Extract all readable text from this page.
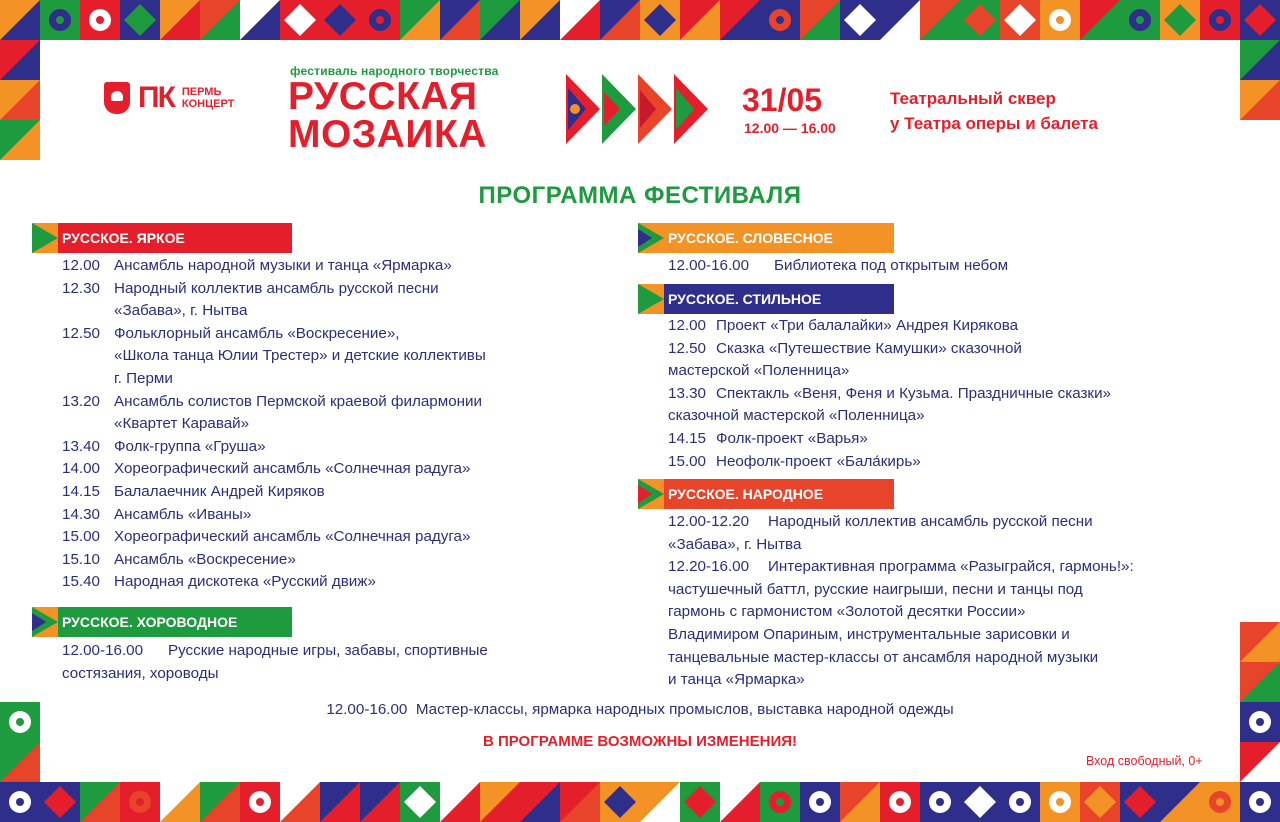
ПК ПЕРМЬ
КОНЦЕРТ
фестиваль народного творчества
РУССКАЯ
МОЗАИКА
31/05
12.00 — 16.00
Театральный сквер
у Театра оперы и балета
ПРОГРАММА ФЕСТИВАЛЯ
РУССКОЕ. ЯРКОЕ
12.00 Ансамбль народной музыки и танца «Ярмарка»
12.30 Народный коллектив ансамбль русской песни
«Забава», г. Нытва
12.50 Фольклорный ансамбль «Воскресение»,
«Школа танца Юлии Трестер» и детские коллективы
г. Перми
13.20 Ансамбль солистов Пермской краевой филармонии
«Квартет Каравай»
13.40 Фолк-группа «Груша»
14.00 Хореографический ансамбль «Солнечная радуга»
14.15 Балалаечник Андрей Киряков
14.30 Ансамбль «Иваны»
15.00 Хореографический ансамбль «Солнечная радуга»
15.10 Ансамбль «Воскресение»
15.40 Народная дискотека «Русский движ»
РУССКОЕ. ХОРОВОДНОЕ
12.00-16.00 Русские народные игры, забавы, спортивные
состязания, хороводы
РУССКОЕ. СЛОВЕСНОЕ
12.00-16.00 Библиотека под открытым небом
РУССКОЕ. СТИЛЬНОЕ
12.00 Проект «Три балалайки» Андрея Кирякова
12.50 Сказка «Путешествие Камушки» сказочной
мастерской «Поленница»
13.30 Спектакль «Веня, Феня и Кузьма. Праздничные сказки»
сказочной мастерской «Поленница»
14.15 Фолк-проект «Варья»
15.00 Неофолк-проект «Бала́кирь»
РУССКОЕ. НАРОДНОЕ
12.00-12.20 Народный коллектив ансамбль русской песни
«Забава», г. Нытва
12.20-16.00 Интерактивная программа «Разыграйся, гармонь!»:
частушечный баттл, русские наигрыши, песни и танцы под
гармонь с гармонистом «Золотой десятки России»
Владимиром Опариным, инструментальные зарисовки и
танцевальные мастер-классы от ансамбля народной музыки
и танца «Ярмарка»
12.00-16.00 Мастер-классы, ярмарка народных промыслов, выставка народной одежды
В ПРОГРАММЕ ВОЗМОЖНЫ ИЗМЕНЕНИЯ!
Вход свободный, 0+
